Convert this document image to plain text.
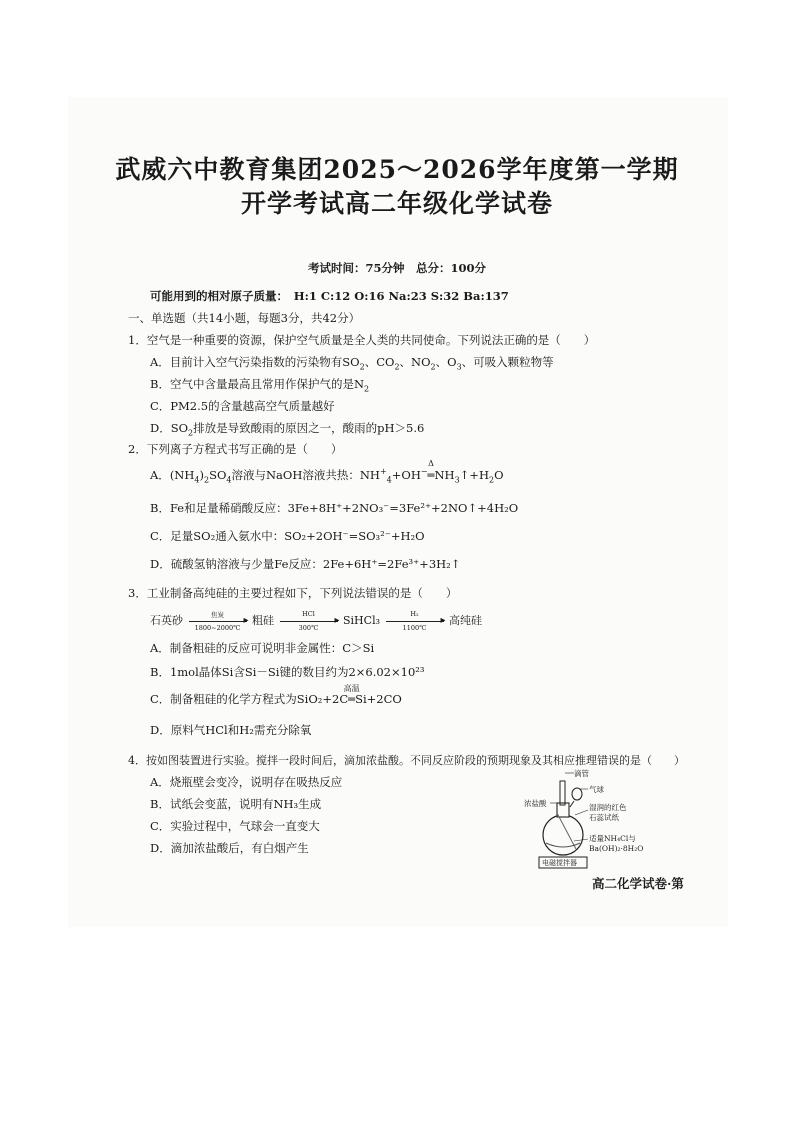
武威六中教育集团2025～2026学年度第一学期
开学考试高二年级化学试卷
考试时间：75分钟　总分：100分
可能用到的相对原子质量：　H:1 C:12 O:16 Na:23 S:32 Ba:137
一、单选题（共14小题，每题3分，共42分）
1．空气是一种重要的资源，保护空气质量是全人类的共同使命。下列说法正确的是（　　）
A．目前计入空气污染指数的污染物有$SO_2$、$CO_2$、$NO_2$、$O_3$、可吸入颗粒物等
B．空气中含量最高且常用作保护气的是$N_2$
C．PM2.5的含量越高空气质量越好
D．$SO_2$排放是导致酸雨的原因之一，酸雨的pH＞5.6
2．下列离子方程式书写正确的是（　　）
A．$(NH_4)_2SO_4$溶液与NaOH溶液共热：$NH^+_4+OH^-$
Δ
$═NH_3↑+H_2O$
B．Fe和足量稀硝酸反应：3Fe+8H⁺+2NO₃⁻=3Fe²⁺+2NO↑+4H₂O
C．足量SO₂通入氨水中：SO₂+2OH⁻=SO₃²⁻+H₂O
D．硫酸氢钠溶液与少量Fe反应：2Fe+6H⁺=2Fe³⁺+3H₂↑
3．工业制备高纯硅的主要过程如下，下列说法错误的是（　　）
石英砂	焦炭	▸
1800~2000℃
粗硅	HCl
▸
300℃
SiHCl₃	H₂
▸
1100℃
高纯硅
A．制备粗硅的反应可说明非金属性：C＞Si
B．1mol晶体Si含Si－Si键的数目约为2×6.02×10²³
C．制备粗硅的化学方程式为SiO₂+2C
高温
═Si+2CO
D．原料气HCl和H₂需充分除氧
4．按如图装置进行实验。搅拌一段时间后，滴加浓盐酸。不同反应阶段的预期现象及其相应推理错误的是（　　）
A．烧瓶壁会变冷，说明存在吸热反应
B．试纸会变蓝，说明有NH₃生成
C．实验过程中，气球会一直变大
D．滴加浓盐酸后，有白烟产生
滴管
气球
浓盐酸	湿润的红色
石蕊试纸
适量NH₄Cl与
Ba(OH)₂·8H₂O
电磁搅拌器
高二化学试卷·第
